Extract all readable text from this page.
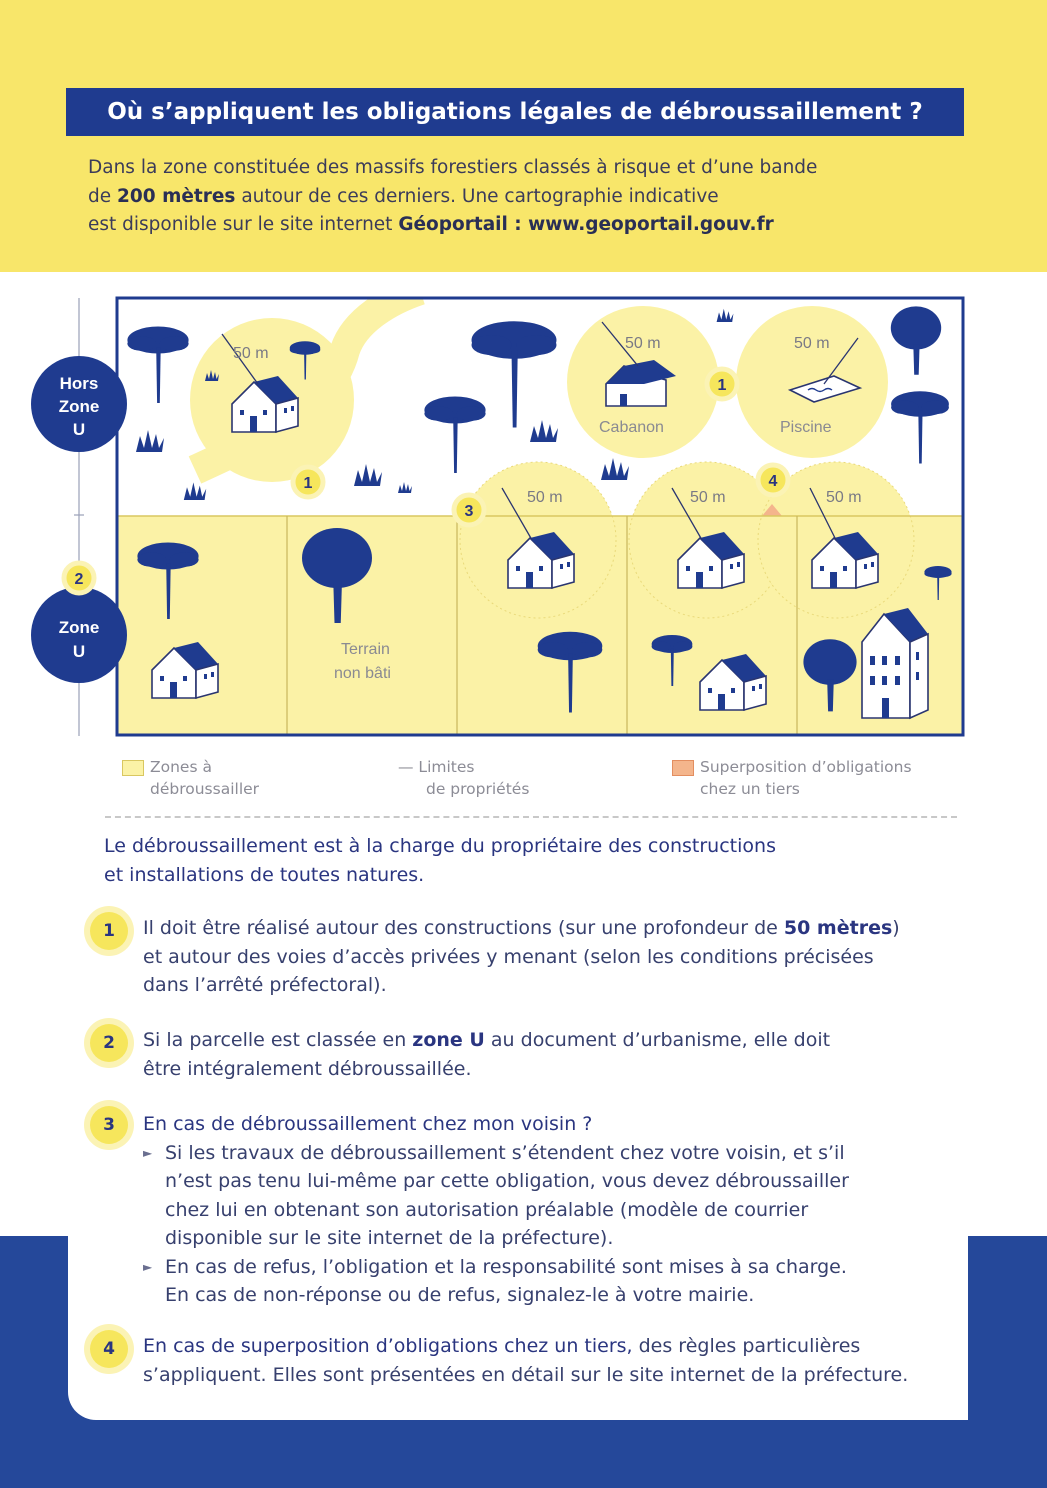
Où s’appliquent les obligations légales de débroussaillement ?

Dans la zone constituée des massifs forestiers classés à risque et d’une bande
de 200 mètres autour de ces derniers. Une cartographie indicative
est disponible sur le site internet Géoportail : www.geoportail.gouv.fr

50 m
50 m
Cabanon
50 m
Piscine
Terrain
non bâti
50 m	50 m	50 m
Hors
Zone
U
Zone
U
1
1
2
3
4
Zones à
débroussailler
— Limites
de propriétés
Superposition d’obligations
chez un tiers

Le débroussaillement est à la charge du propriétaire des constructions
et installations de toutes natures.

1	Il doit être réalisé autour des constructions (sur une profondeur de 50 mètres)
et autour des voies d’accès privées y menant (selon les conditions précisées
dans l’arrêté préfectoral).
2	Si la parcelle est classée en zone U au document d’urbanisme, elle doit
être intégralement débroussaillée.
3	En cas de débroussaillement chez mon voisin ?
► Si les travaux de débroussaillement s’étendent chez votre voisin, et s’il
n’est pas tenu lui-même par cette obligation, vous devez débroussailler
chez lui en obtenant son autorisation préalable (modèle de courrier
disponible sur le site internet de la préfecture).
► En cas de refus, l’obligation et la responsabilité sont mises à sa charge.
En cas de non-réponse ou de refus, signalez-le à votre mairie.
4	En cas de superposition d’obligations chez un tiers, des règles particulières
s’appliquent. Elles sont présentées en détail sur le site internet de la préfecture.
